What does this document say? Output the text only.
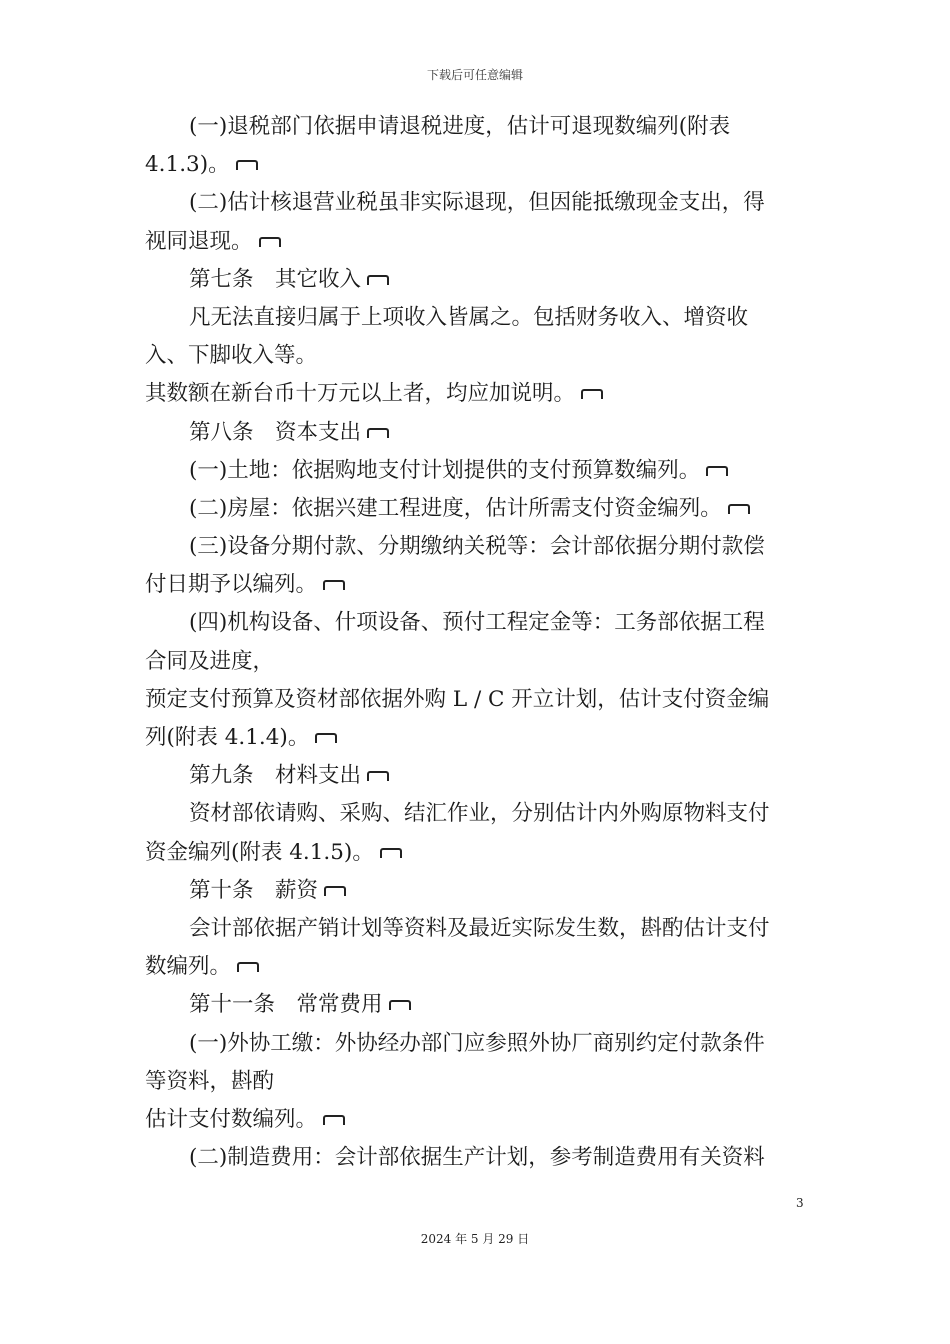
下载后可任意编辑
(一)退税部门依据申请退税进度，估计可退现数编列(附表
4.1.3)。
(二)估计核退营业税虽非实际退现，但因能抵缴现金支出，得
视同退现。
第七条　其它收入
凡无法直接归属于上项收入皆属之。包括财务收入、增资收
入、下脚收入等。
其数额在新台币十万元以上者，均应加说明。
第八条　资本支出
(一)土地：依据购地支付计划提供的支付预算数编列。
(二)房屋：依据兴建工程进度，估计所需支付资金编列。
(三)设备分期付款、分期缴纳关税等：会计部依据分期付款偿
付日期予以编列。
(四)机构设备、什项设备、预付工程定金等：工务部依据工程
合同及进度，
预定支付预算及资材部依据外购 L / C 开立计划，估计支付资金编
列(附表 4.1.4)。
第九条　材料支出
资材部依请购、采购、结汇作业，分别估计内外购原物料支付
资金编列(附表 4.1.5)。
第十条　薪资
会计部依据产销计划等资料及最近实际发生数，斟酌估计支付
数编列。
第十一条　常常费用
(一)外协工缴：外协经办部门应参照外协厂商别约定付款条件
等资料，斟酌
估计支付数编列。
(二)制造费用：会计部依据生产计划，参考制造费用有关资料
3
2024 年 5 月 29 日
